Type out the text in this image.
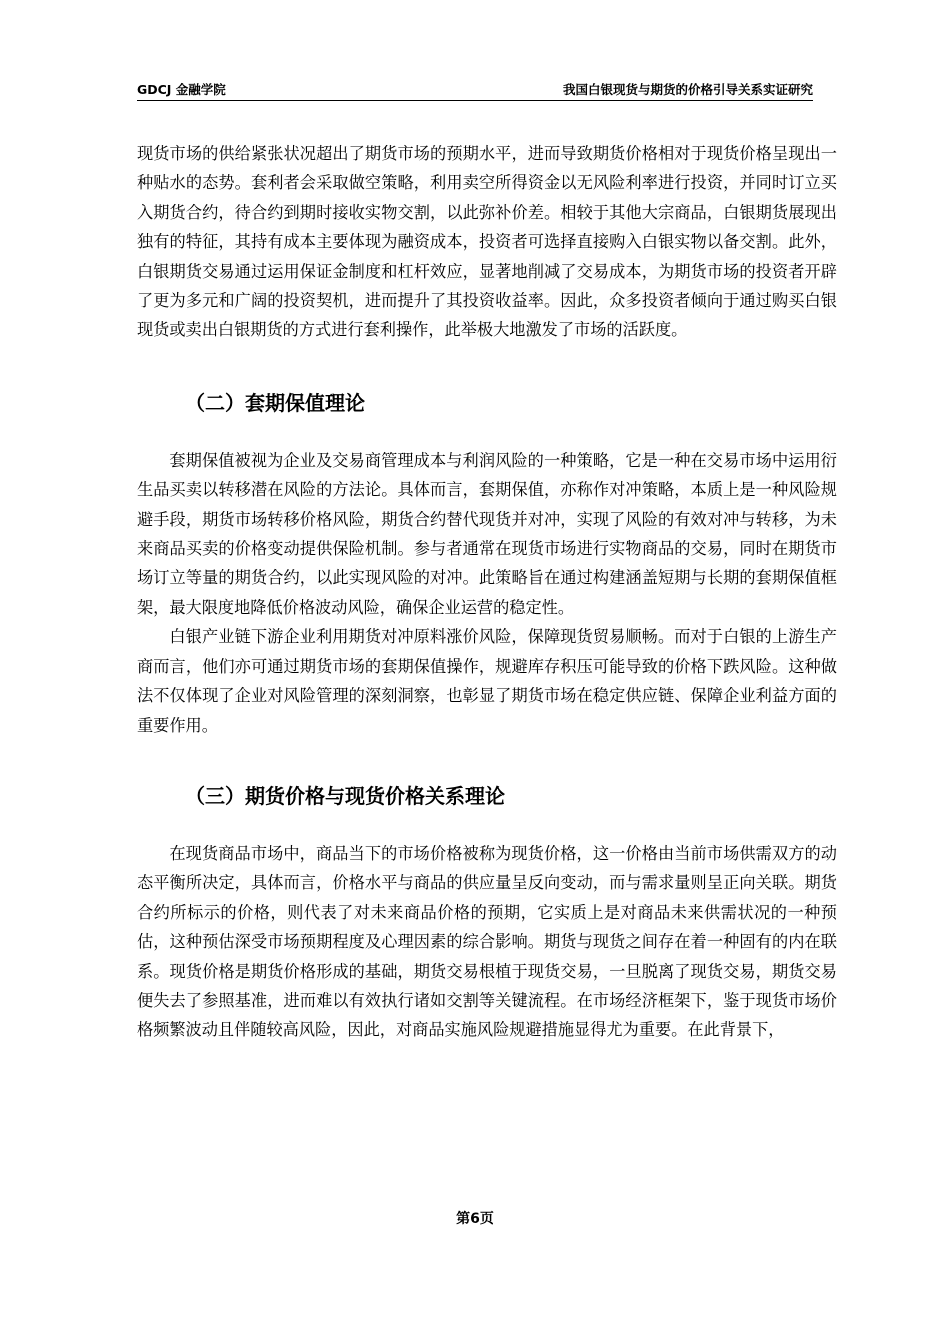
GDCJ 金融学院	我国白银现货与期货的价格引导关系实证研究

现货市场的供给紧张状况超出了期货市场的预期水平，进而导致期货价格相对于现货价格呈现出一种贴水的态势。套利者会采取做空策略，利用卖空所得资金以无风险利率进行投资，并同时订立买入期货合约，待合约到期时接收实物交割，以此弥补价差。相较于其他大宗商品，白银期货展现出独有的特征，其持有成本主要体现为融资成本，投资者可选择直接购入白银实物以备交割。此外，白银期货交易通过运用保证金制度和杠杆效应，显著地削减了交易成本，为期货市场的投资者开辟了更为多元和广阔的投资契机，进而提升了其投资收益率。因此，众多投资者倾向于通过购买白银现货或卖出白银期货的方式进行套利操作，此举极大地激发了市场的活跃度。

（二）套期保值理论

套期保值被视为企业及交易商管理成本与利润风险的一种策略，它是一种在交易市场中运用衍生品买卖以转移潜在风险的方法论。具体而言，套期保值，亦称作对冲策略，本质上是一种风险规避手段，期货市场转移价格风险，期货合约替代现货并对冲，实现了风险的有效对冲与转移，为未来商品买卖的价格变动提供保险机制。参与者通常在现货市场进行实物商品的交易，同时在期货市场订立等量的期货合约，以此实现风险的对冲。此策略旨在通过构建涵盖短期与长期的套期保值框架，最大限度地降低价格波动风险，确保企业运营的稳定性。

白银产业链下游企业利用期货对冲原料涨价风险，保障现货贸易顺畅。而对于白银的上游生产商而言，他们亦可通过期货市场的套期保值操作，规避库存积压可能导致的价格下跌风险。这种做法不仅体现了企业对风险管理的深刻洞察，也彰显了期货市场在稳定供应链、保障企业利益方面的重要作用。

（三）期货价格与现货价格关系理论

在现货商品市场中，商品当下的市场价格被称为现货价格，这一价格由当前市场供需双方的动态平衡所决定，具体而言，价格水平与商品的供应量呈反向变动，而与需求量则呈正向关联。期货合约所标示的价格，则代表了对未来商品价格的预期，它实质上是对商品未来供需状况的一种预估，这种预估深受市场预期程度及心理因素的综合影响。期货与现货之间存在着一种固有的内在联系。现货价格是期货价格形成的基础，期货交易根植于现货交易，一旦脱离了现货交易，期货交易便失去了参照基准，进而难以有效执行诸如交割等关键流程。在市场经济框架下，鉴于现货市场价格频繁波动且伴随较高风险，因此，对商品实施风险规避措施显得尤为重要。在此背景下，

第6页
